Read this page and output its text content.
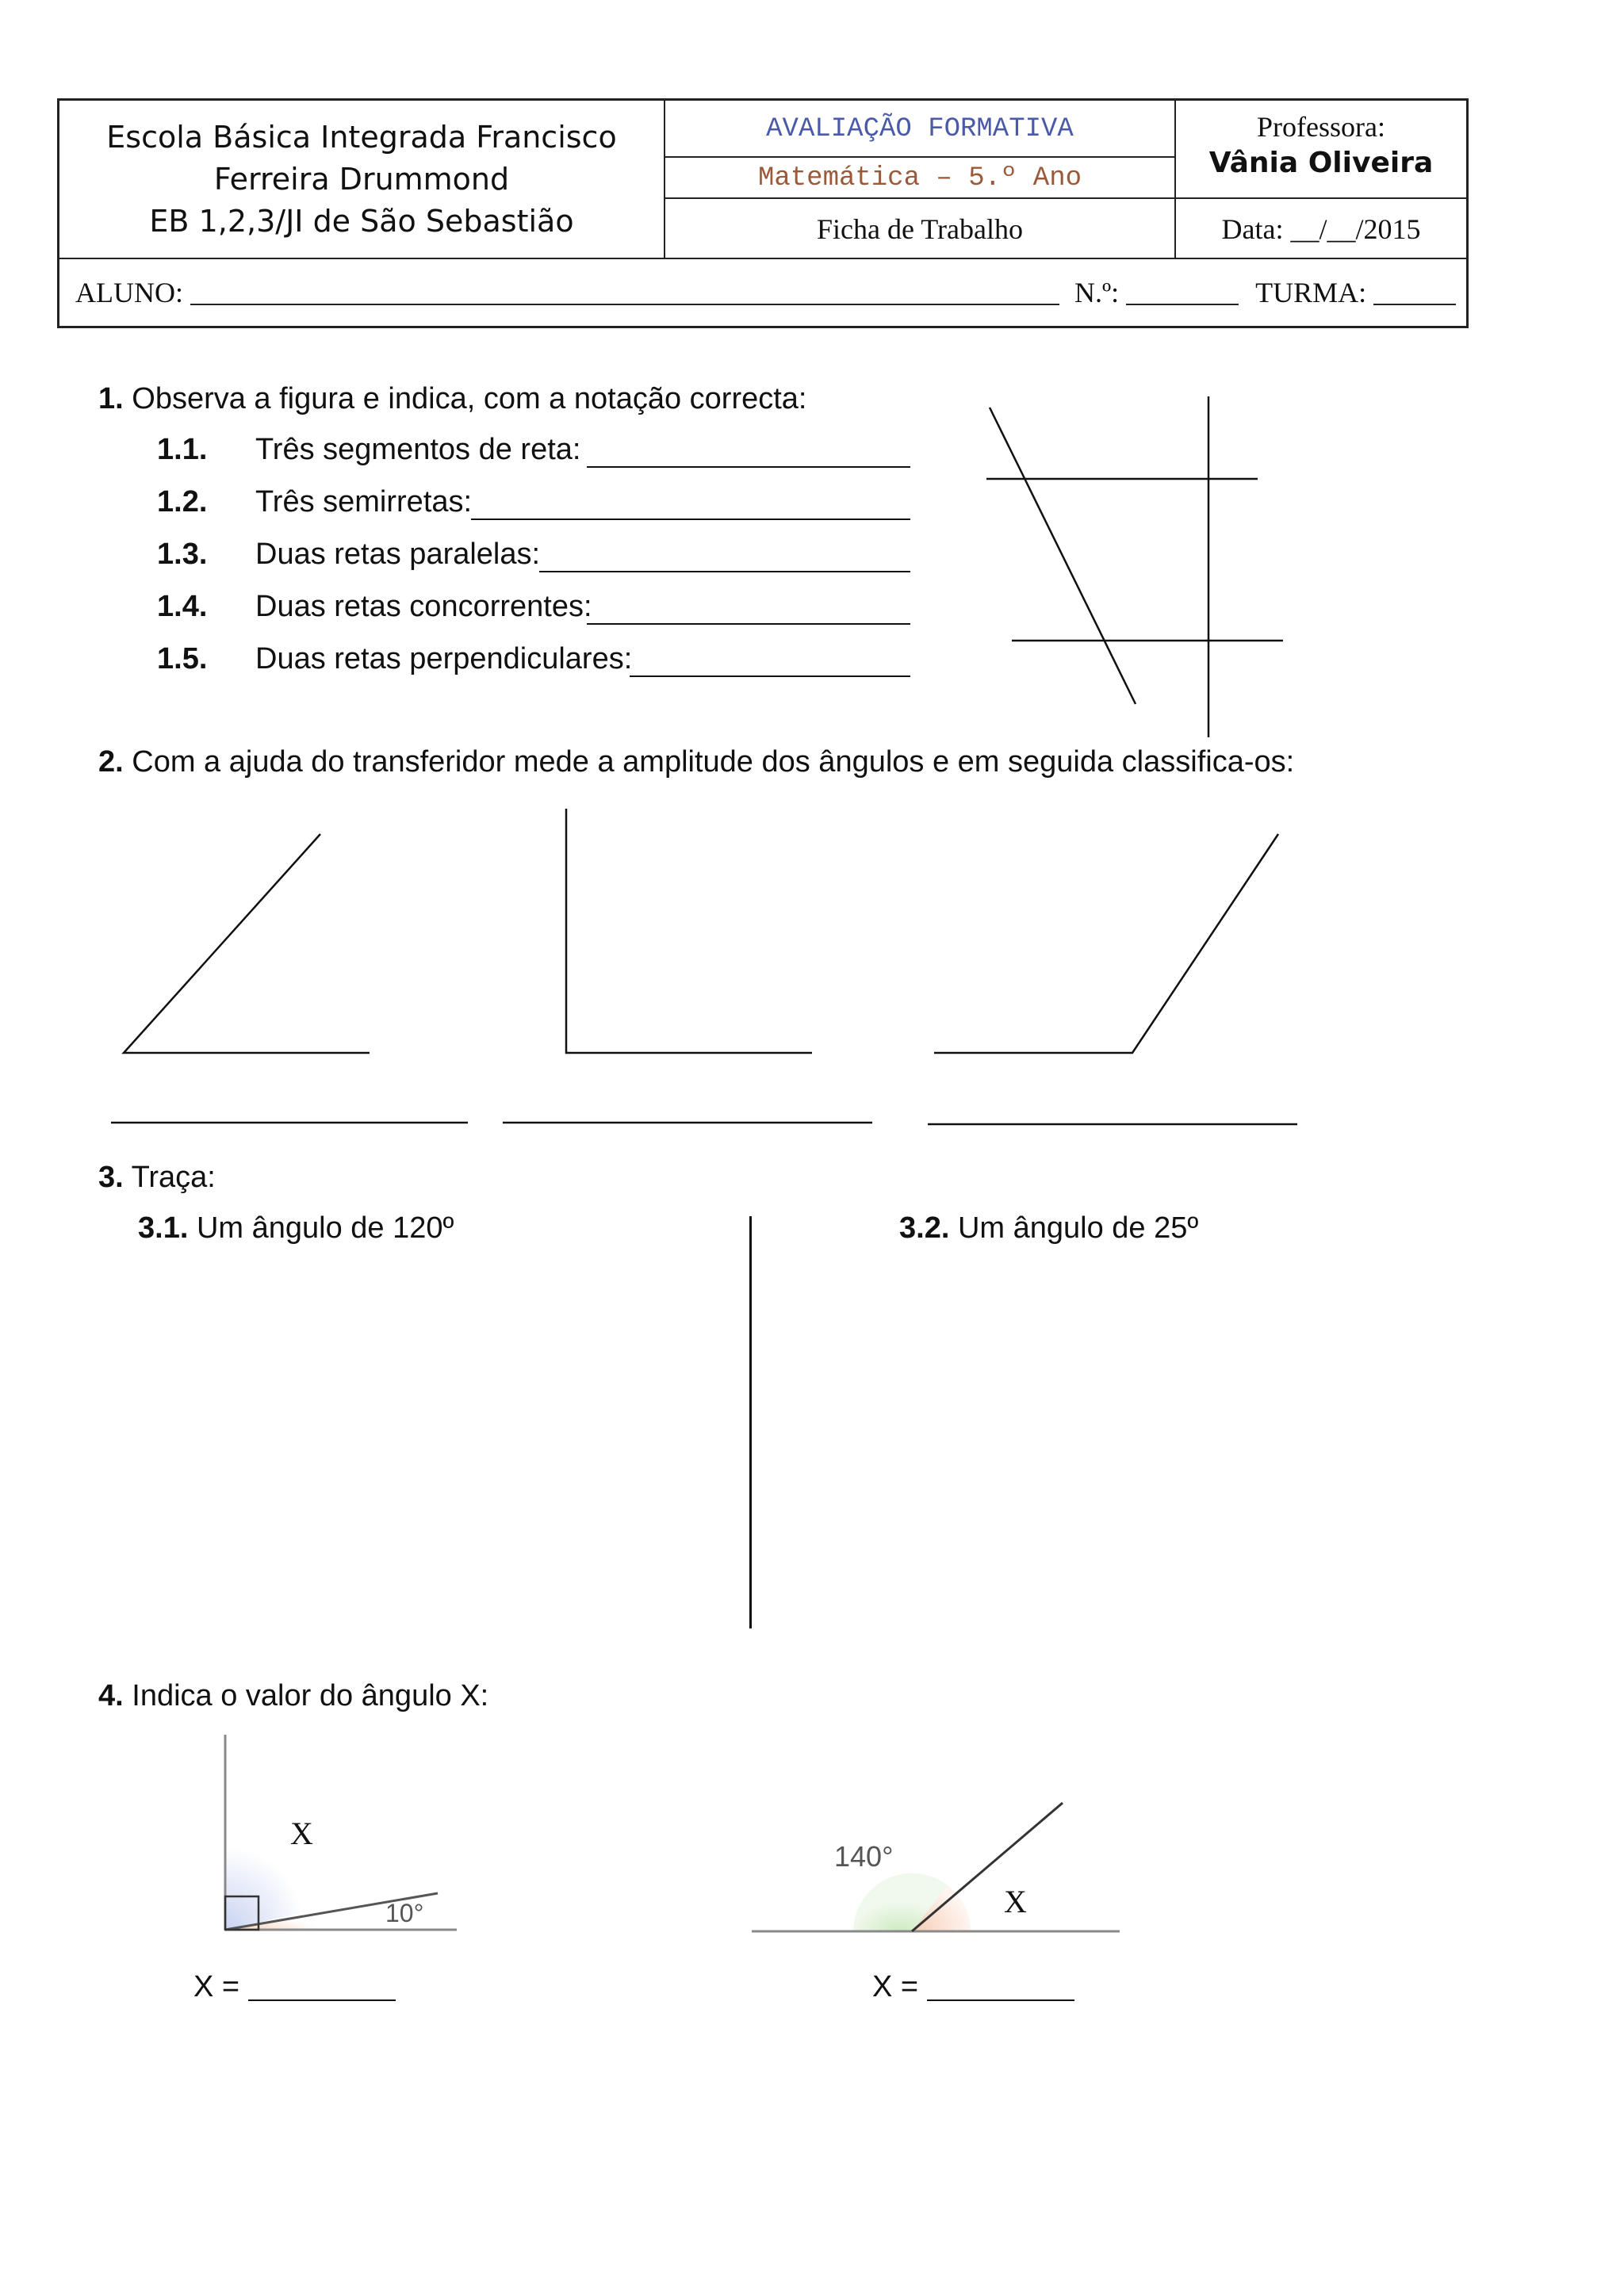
Escola Básica Integrada Francisco
Ferreira Drummond
EB 1,2,3/JI de São Sebastião
AVALIAÇÃO FORMATIVA
Matemática – 5.º Ano
Ficha de Trabalho
Professora:
Vânia Oliveira
Data: __/__/2015
ALUNO:	N.º:	TURMA:
1. Observa a figura e indica, com a notação correcta:
1.1. Três segmentos de reta:
1.2. Três semirretas:
1.3. Duas retas paralelas:
1.4. Duas retas concorrentes:
1.5. Duas retas perpendiculares:
2. Com a ajuda do transferidor mede a amplitude dos ângulos e em seguida classifica-os:
3. Traça:
3.1. Um ângulo de 120º	3.2. Um ângulo de 25º
4. Indica o valor do ângulo X:
X
10°
140°
X
X =	X =
